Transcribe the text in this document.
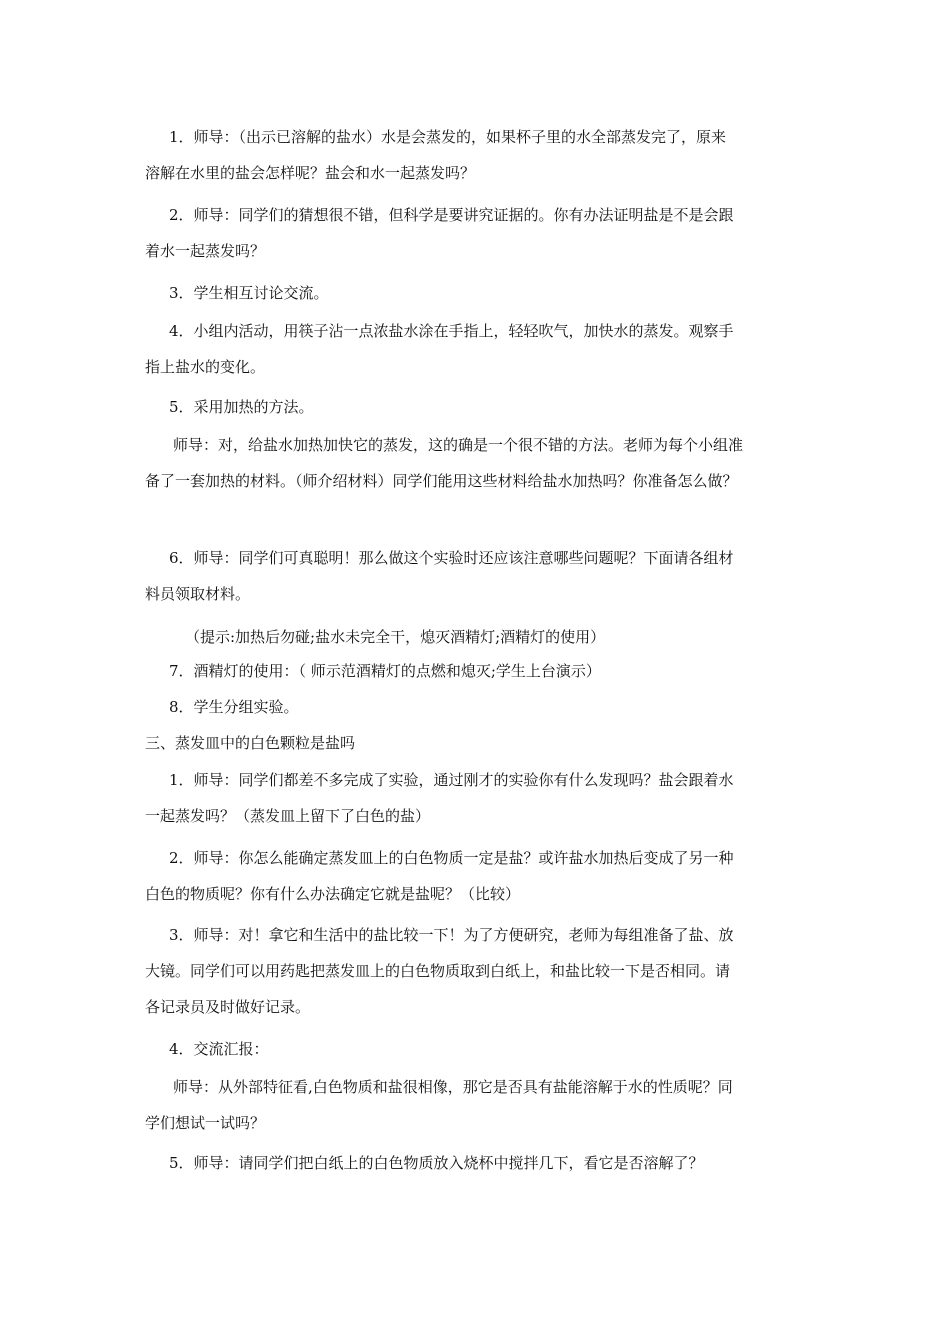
1．师导：（出示已溶解的盐水）水是会蒸发的，如果杯子里的水全部蒸发完了，原来
溶解在水里的盐会怎样呢？盐会和水一起蒸发吗？
2．师导：同学们的猜想很不错，但科学是要讲究证据的。你有办法证明盐是不是会跟
着水一起蒸发吗？
3．学生相互讨论交流。
4．小组内活动，用筷子沾一点浓盐水涂在手指上，轻轻吹气，加快水的蒸发。观察手
指上盐水的变化。
5．采用加热的方法。
师导：对，给盐水加热加快它的蒸发，这的确是一个很不错的方法。老师为每个小组准
备了一套加热的材料。（师介绍材料）同学们能用这些材料给盐水加热吗？你准备怎么做？
6．师导：同学们可真聪明！那么做这个实验时还应该注意哪些问题呢？下面请各组材
料员领取材料。
（提示:加热后勿碰;盐水未完全干，熄灭酒精灯;酒精灯的使用）
7．酒精灯的使用：（ 师示范酒精灯的点燃和熄灭;学生上台演示）
8．学生分组实验。
三、蒸发皿中的白色颗粒是盐吗
1．师导：同学们都差不多完成了实验，通过刚才的实验你有什么发现吗？盐会跟着水
一起蒸发吗？（蒸发皿上留下了白色的盐）
2．师导：你怎么能确定蒸发皿上的白色物质一定是盐？或许盐水加热后变成了另一种
白色的物质呢？你有什么办法确定它就是盐呢？（比较）
3．师导：对！拿它和生活中的盐比较一下！为了方便研究，老师为每组准备了盐、放
大镜。同学们可以用药匙把蒸发皿上的白色物质取到白纸上，和盐比较一下是否相同。请
各记录员及时做好记录。
4．交流汇报：
师导：从外部特征看,白色物质和盐很相像，那它是否具有盐能溶解于水的性质呢？同
学们想试一试吗？
5．师导：请同学们把白纸上的白色物质放入烧杯中搅拌几下，看它是否溶解了？
